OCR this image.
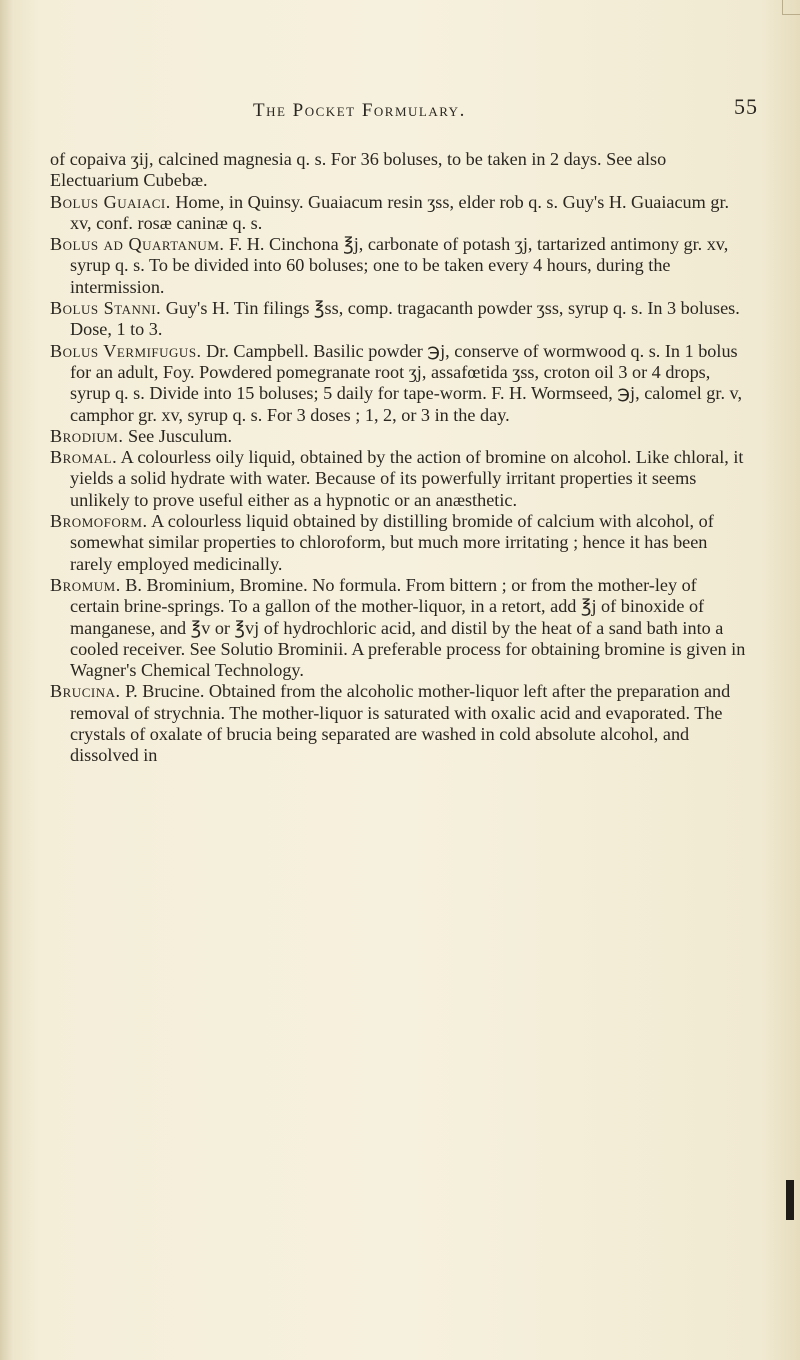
The Pocket Formulary.	55

of copaiva ʒij, calcined magnesia q. s. For 36 boluses, to be taken in 2 days. See also Electuarium Cubebæ.

Bolus Guaiaci. Home, in Quinsy. Guaiacum resin ʒss, elder rob q. s. Guy's H. Guaiacum gr. xv, conf. rosæ caninæ q. s.

Bolus ad Quartanum. F. H. Cinchona ℥j, carbonate of potash ʒj, tartarized antimony gr. xv, syrup q. s. To be divided into 60 boluses; one to be taken every 4 hours, during the intermission.

Bolus Stanni. Guy's H. Tin filings ℥ss, comp. tragacanth powder ʒss, syrup q. s. In 3 boluses. Dose, 1 to 3.

Bolus Vermifugus. Dr. Campbell. Basilic powder ℈j, conserve of wormwood q. s. In 1 bolus for an adult, Foy. Powdered pomegranate root ʒj, assafœtida ʒss, croton oil 3 or 4 drops, syrup q. s. Divide into 15 boluses; 5 daily for tape-worm. F. H. Wormseed, ℈j, calomel gr. v, camphor gr. xv, syrup q. s. For 3 doses ; 1, 2, or 3 in the day.

Brodium. See Jusculum.

Bromal. A colourless oily liquid, obtained by the action of bromine on alcohol. Like chloral, it yields a solid hydrate with water. Because of its powerfully irritant properties it seems unlikely to prove useful either as a hypnotic or an anæsthetic.

Bromoform. A colourless liquid obtained by distilling bromide of calcium with alcohol, of somewhat similar properties to chloroform, but much more irritating ; hence it has been rarely employed medicinally.

Bromum. B. Brominium, Bromine. No formula. From bittern ; or from the mother-ley of certain brine-springs. To a gallon of the mother-liquor, in a retort, add ℥j of binoxide of manganese, and ℥v or ℥vj of hydrochloric acid, and distil by the heat of a sand bath into a cooled receiver. See Solutio Brominii. A preferable process for obtaining bromine is given in Wagner's Chemical Technology.

Brucina. P. Brucine. Obtained from the alcoholic mother-liquor left after the preparation and removal of strychnia. The mother-liquor is saturated with oxalic acid and evaporated. The crystals of oxalate of brucia being separated are washed in cold absolute alcohol, and dissolved in
